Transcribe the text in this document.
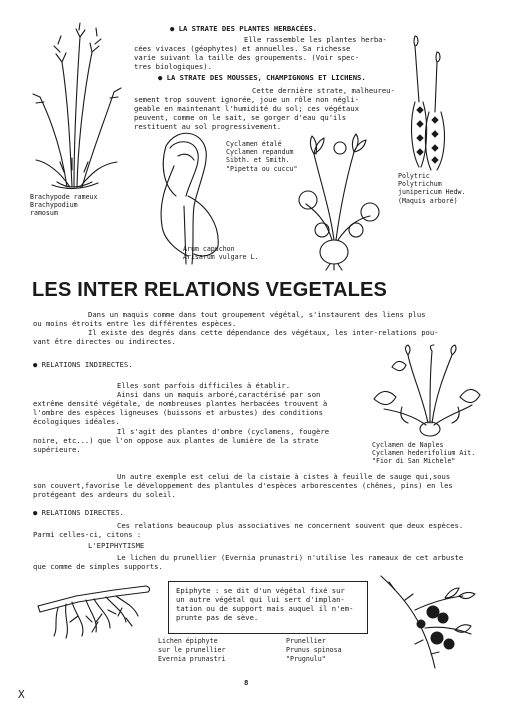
● LA STRATE DES PLANTES HERBACÉES.
Elle rassemble les plantes herba-
cées vivaces (géophytes) et annuelles. Sa richesse
varie suivant la taille des groupements. (Voir spec-
tres biologiques).
● LA STRATE DES MOUSSES, CHAMPIGNONS ET LICHENS.
Cette dernière strate, malheureu-
sement trop souvent ignorée, joue un rôle non négli-
geable en maintenant l'humidité du sol; ces végétaux
peuvent, comme on le sait, se gorger d'eau qu'ils
restituent au sol progressivement.
Brachypode rameux
Brachypodium
ramosum
Arum capuchon
Arisarum vulgare L.
Cyclamen étalé
Cyclamen repandum
Sibth. et Smith.
"Pipetta ou cuccu"
Polytric
Polytrichum
junipericum Hedw.
(Maquis arboré)
LES INTER RELATIONS VEGETALES
Dans un maquis comme dans tout groupement végétal, s'instaurent des liens plus
ou moins étroits entre les différentes espèces.
Il existe des degrés dans cette dépendance des végétaux, les inter-relations pou-
vant être directes ou indirectes.
● RELATIONS INDIRECTES.
Elles sont parfois difficiles à établir.
Ainsi dans un maquis arboré,caractérisé par son
extrême densité végétale, de nombreuses plantes herbacées trouvent à
l'ombre des espèces ligneuses (buissons et arbustes) des conditions
écologiques idéales.
Il s'agit des plantes d'ombre (cyclamens, fougère
noire, etc...) que l'on oppose aux plantes de lumière de la strate
supérieure.	Cyclamen de Naples
Cyclamen hederifolium Ait.
"Fior di San Michele"
Un autre exemple est celui de la cistaie à cistes à feuille de sauge qui,sous
son couvert,favorise le développement des plantules d'espèces arborescentes (chênes, pins) en les
protégeant des ardeurs du soleil.
● RELATIONS DIRECTES.
Ces relations beaucoup plus associatives ne concernent souvent que deux espèces.
Parmi celles-ci, citons :
L'EPIPHYTISME
Le lichen du prunellier (Evernia prunastri) n'utilise les rameaux de cet arbuste
que comme de simples supports.
Epiphyte : se dit d'un végétal fixé sur
un autre végétal qui lui sert d'implan-
tation ou de support mais auquel il n'em-
prunte pas de sève.
Lichen épiphyte
sur le prunellier
Evernia prunastri
Prunellier
Prunus spinosa
"Prugnulu"
8
X
